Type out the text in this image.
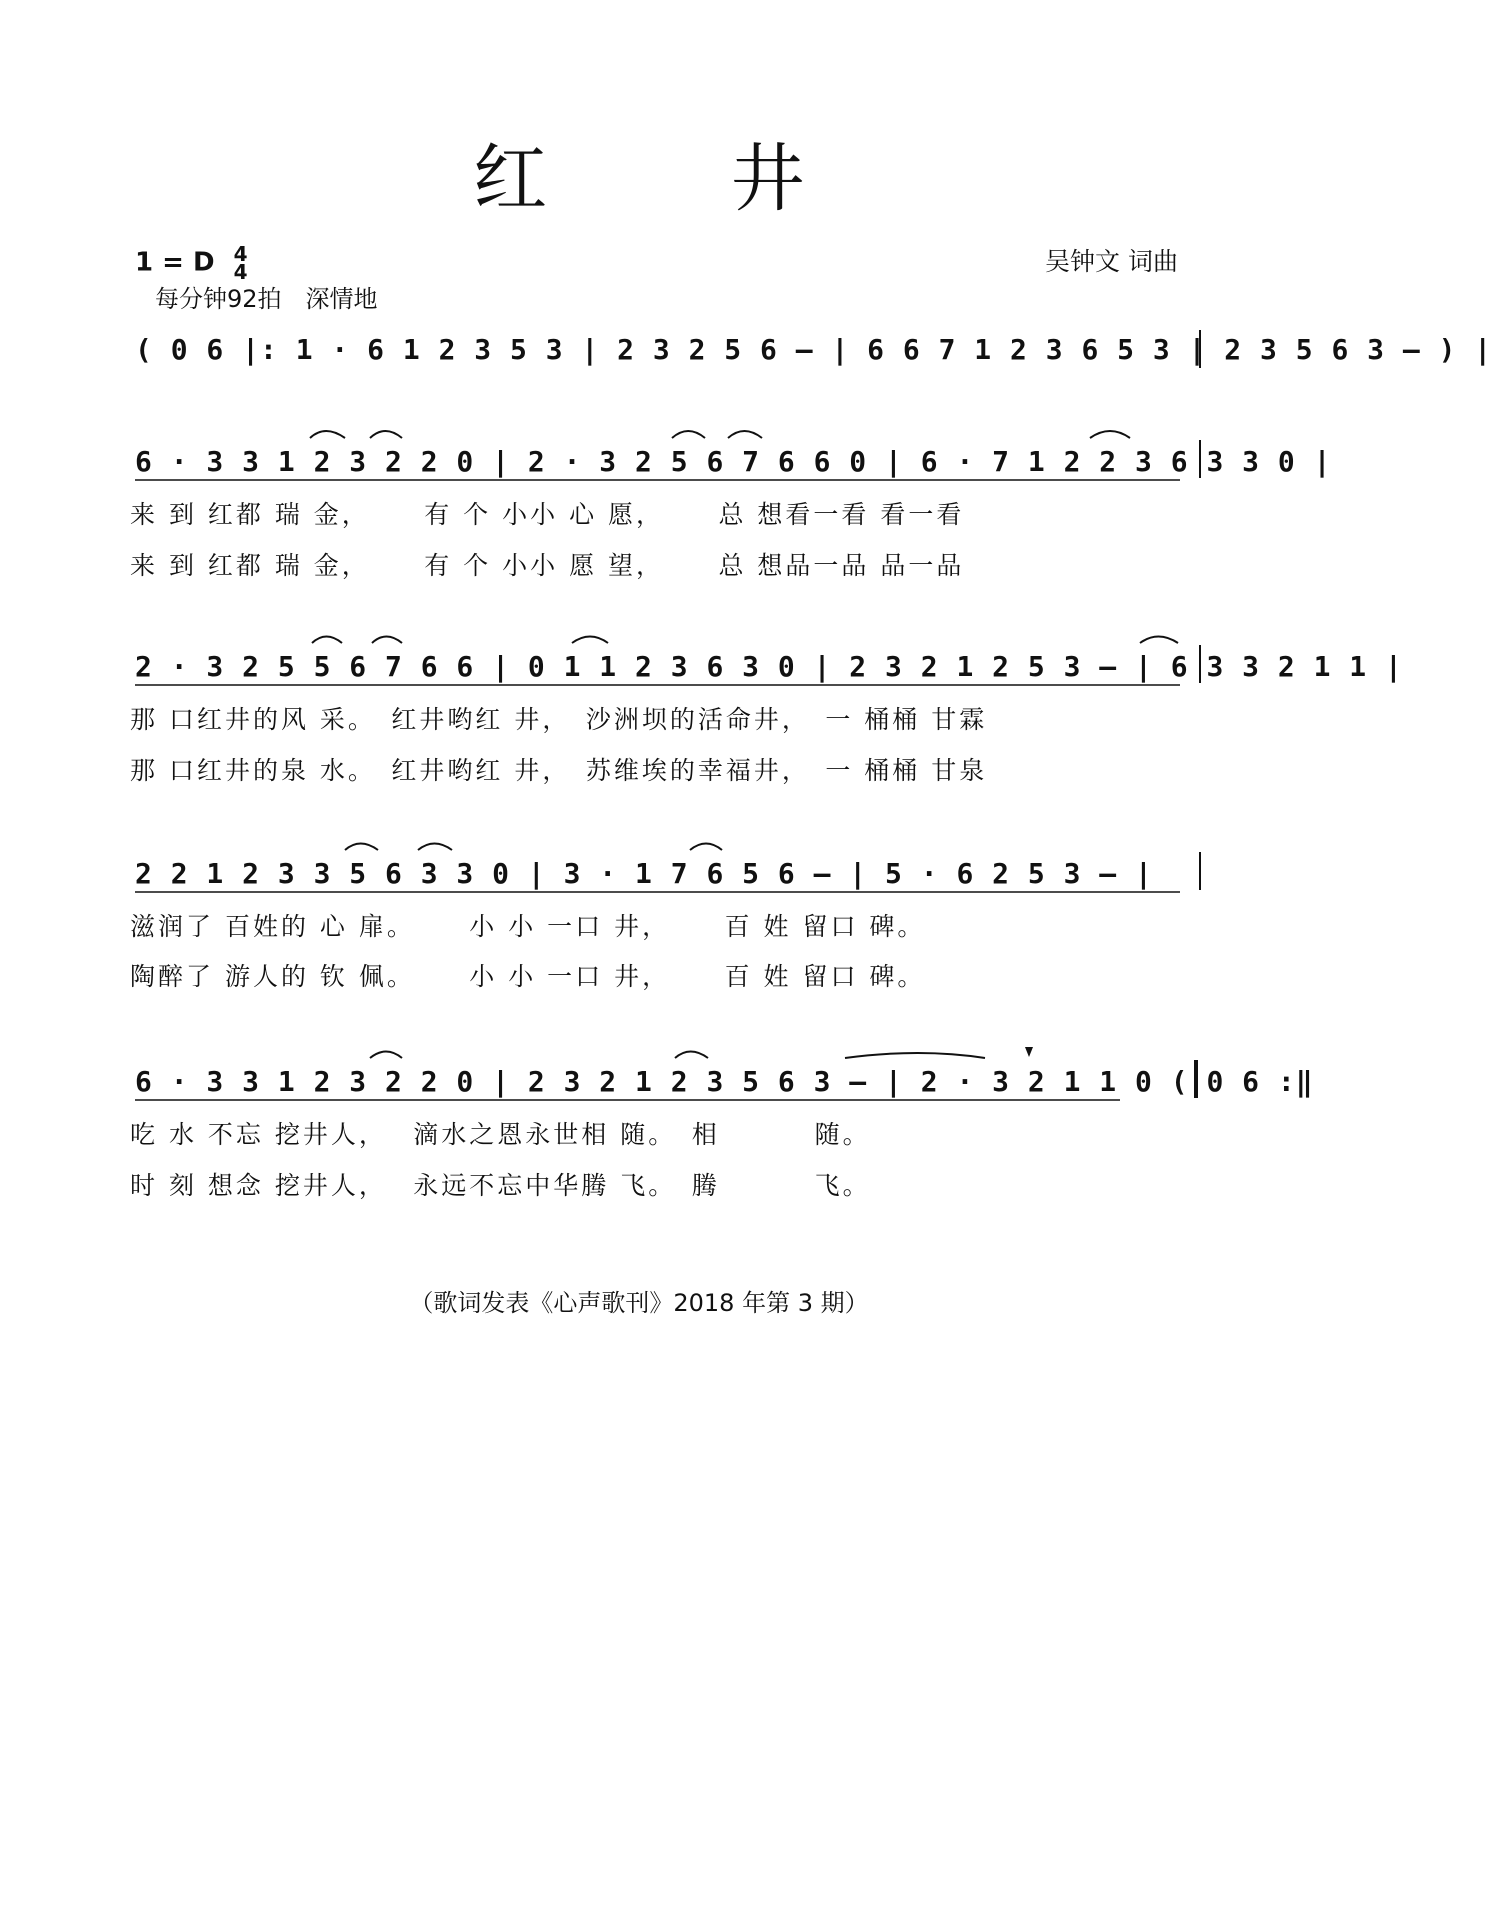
红 井
1 = D 4
4
每分钟92拍　深情地
吴钟文 词曲
( 0 6 |: 1 · 6 1 2 3 5 3 | 2 3 2 5 6 – | 6 6 7 1 2 3 6 5 3 | 2 3 5 6 3 – ) |
6 · 3 3 1 2 3 2 2 0 | 2 · 3 2 5 6 7 6 6 0 | 6 · 7 1 2 2 3 6 3 3 0 |
来 到 红都 瑞 金，　　 有 个 小小 心 愿，　　 总 想看一看 看一看
来 到 红都 瑞 金，　　 有 个 小小 愿 望，　　 总 想品一品 品一品
2 · 3 2 5 5 6 7 6 6 | 0 1 1 2 3 6 3 0 | 2 3 2 1 2 5 3 – | 6 3 3 2 1 1 |
那 口红井的风 采。　红井哟红 井，　沙洲坝的活命井，　一 桶桶 甘霖
那 口红井的泉 水。　红井哟红 井，　苏维埃的幸福井，　一 桶桶 甘泉
2 2 1 2 3 3 5 6 3 3 0 | 3 · 1 7 6 5 6 – | 5 · 6 2 5 3 – |
滋润了 百姓的 心 扉。　　 小 小 一口 井，　　 百 姓 留口 碑。
陶醉了 游人的 钦 佩。　　 小 小 一口 井，　　 百 姓 留口 碑。
6 · 3 3 1 2 3 2 2 0 | 2 3 2 1 2 3 5 6 3 – | 2 · 3 2 1 1 0 ( 0 6 :‖
吃 水 不忘 挖井人，　 滴水之恩永世相 随。　相　　　 随。
时 刻 想念 挖井人，　 永远不忘中华腾 飞。　腾　　　 飞。
（歌词发表《心声歌刊》2018 年第 3 期）
